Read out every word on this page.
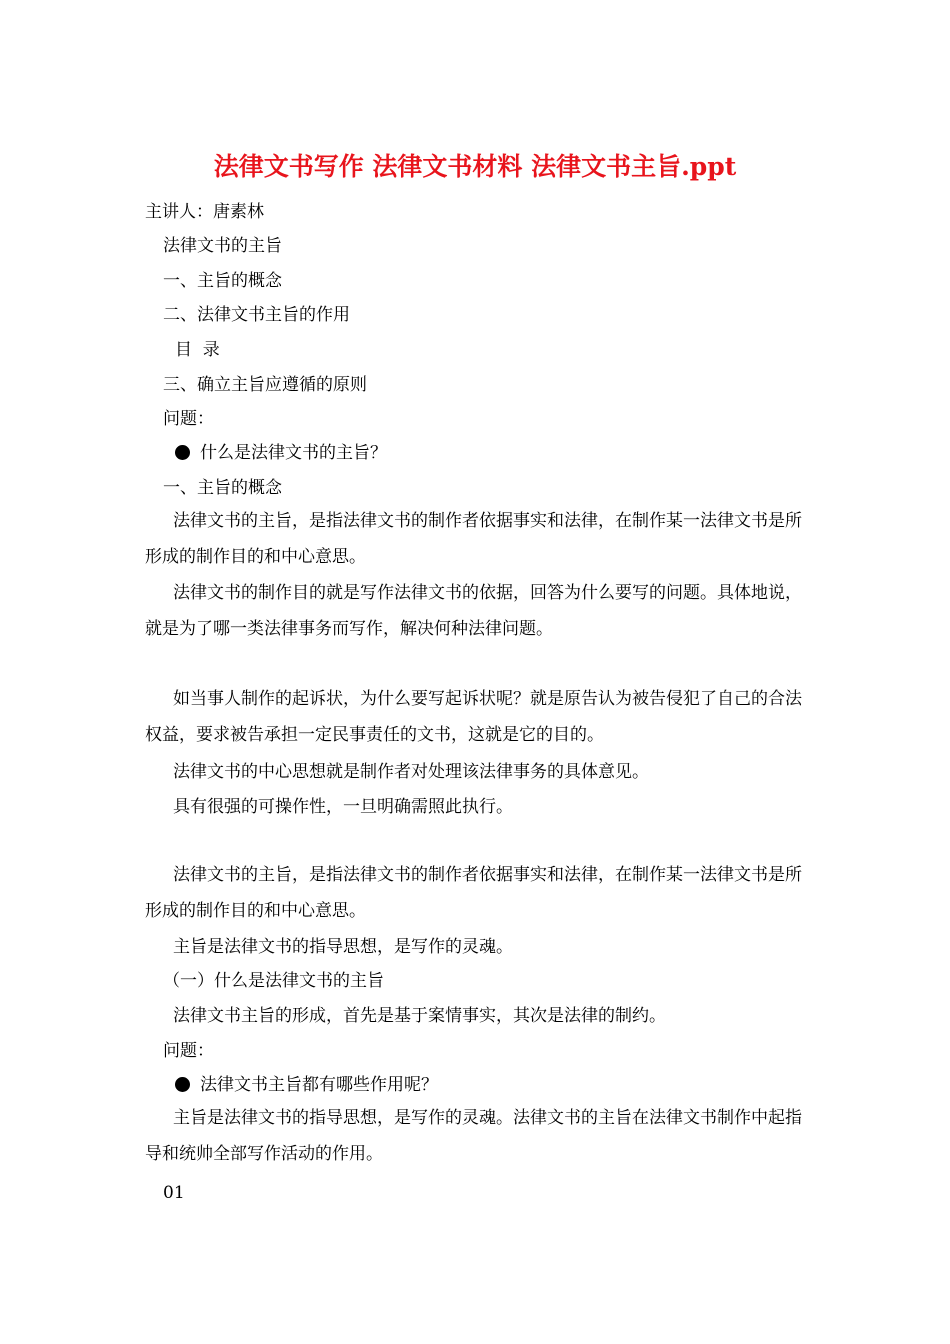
法律文书写作 法律文书材料 法律文书主旨.ppt
主讲人：唐素林
法律文书的主旨
一、主旨的概念
二、法律文书主旨的作用
目  录
三、确立主旨应遵循的原则
问题：
什么是法律文书的主旨？
一、主旨的概念

法律文书的主旨，是指法律文书的制作者依据事实和法律，在制作某一法律文书是所形成的制作目的和中心意思。

法律文书的制作目的就是写作法律文书的依据，回答为什么要写的问题。具体地说，就是为了哪一类法律事务而写作，解决何种法律问题。

如当事人制作的起诉状，为什么要写起诉状呢？就是原告认为被告侵犯了自己的合法权益，要求被告承担一定民事责任的文书，这就是它的目的。

法律文书的中心思想就是制作者对处理该法律事务的具体意见。
具有很强的可操作性，一旦明确需照此执行。

法律文书的主旨，是指法律文书的制作者依据事实和法律，在制作某一法律文书是所形成的制作目的和中心意思。

主旨是法律文书的指导思想，是写作的灵魂。
（一）什么是法律文书的主旨
法律文书主旨的形成，首先是基于案情事实，其次是法律的制约。
问题：
法律文书主旨都有哪些作用呢？

主旨是法律文书的指导思想，是写作的灵魂。法律文书的主旨在法律文书制作中起指导和统帅全部写作活动的作用。

01
